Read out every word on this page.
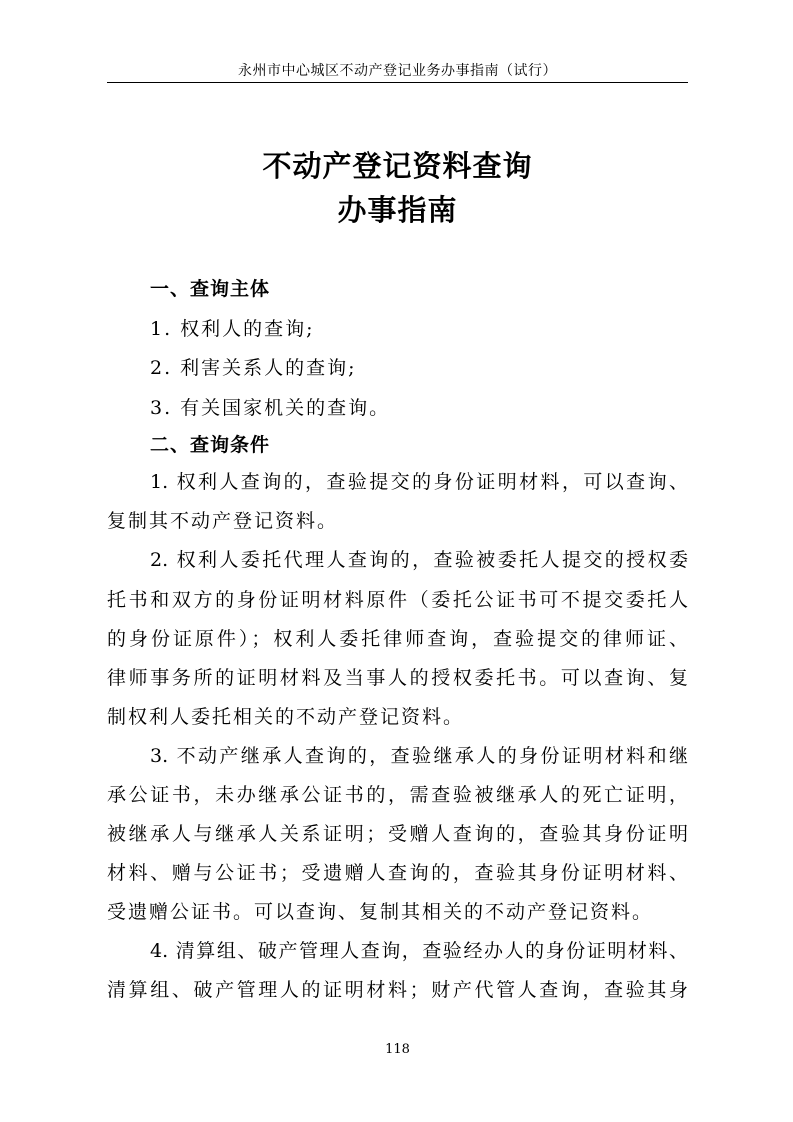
永州市中心城区不动产登记业务办事指南（试行）
不动产登记资料查询
办事指南
一、查询主体
1. 权利人的查询;
2. 利害关系人的查询;
3. 有关国家机关的查询。
二、查询条件
1. 权利人查询的，查验提交的身份证明材料，可以查询、
复制其不动产登记资料。
2. 权利人委托代理人查询的，查验被委托人提交的授权委
托书和双方的身份证明材料原件（委托公证书可不提交委托人
的身份证原件）；权利人委托律师查询，查验提交的律师证、
律师事务所的证明材料及当事人的授权委托书。可以查询、复
制权利人委托相关的不动产登记资料。
3. 不动产继承人查询的，查验继承人的身份证明材料和继
承公证书，未办继承公证书的，需查验被继承人的死亡证明，
被继承人与继承人关系证明；受赠人查询的，查验其身份证明
材料、赠与公证书；受遗赠人查询的，查验其身份证明材料、
受遗赠公证书。可以查询、复制其相关的不动产登记资料。
4. 清算组、破产管理人查询，查验经办人的身份证明材料、
清算组、破产管理人的证明材料；财产代管人查询，查验其身
118
